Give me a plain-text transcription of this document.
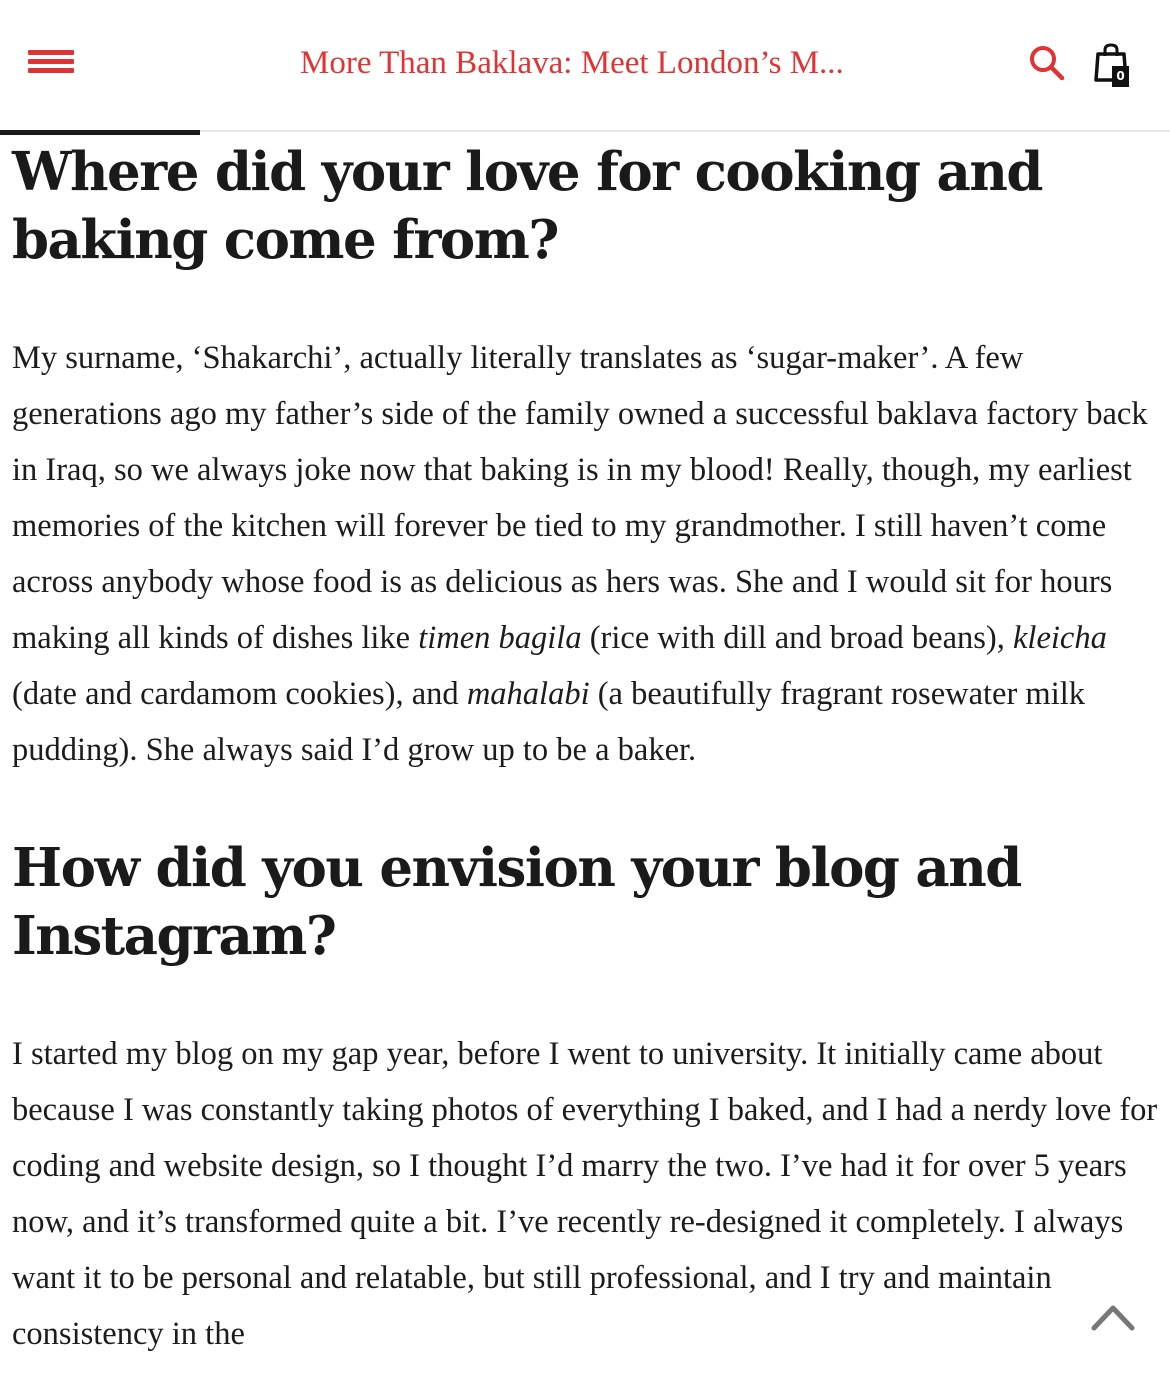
More Than Baklava: Meet London’s M...	0
Where did your love for cooking and baking come from?

My surname, ‘Shakarchi’, actually literally translates as ‘sugar-maker’. A few generations ago my father’s side of the family owned a successful baklava factory back in Iraq, so we always joke now that baking is in my blood! Really, though, my earliest memories of the kitchen will forever be tied to my grandmother. I still haven’t come across anybody whose food is as delicious as hers was. She and I would sit for hours making all kinds of dishes like timen bagila (rice with dill and broad beans), kleicha (date and cardamom cookies), and mahalabi (a beautifully fragrant rosewater milk pudding). She always said I’d grow up to be a baker.

How did you envision your blog and Instagram?

I started my blog on my gap year, before I went to university. It initially came about because I was constantly taking photos of everything I baked, and I had a nerdy love for coding and website design, so I thought I’d marry the two. I’ve had it for over 5 years now, and it’s transformed quite a bit. I’ve recently re-designed it completely. I always want it to be personal and relatable, but still professional, and I try and maintain consistency in the
